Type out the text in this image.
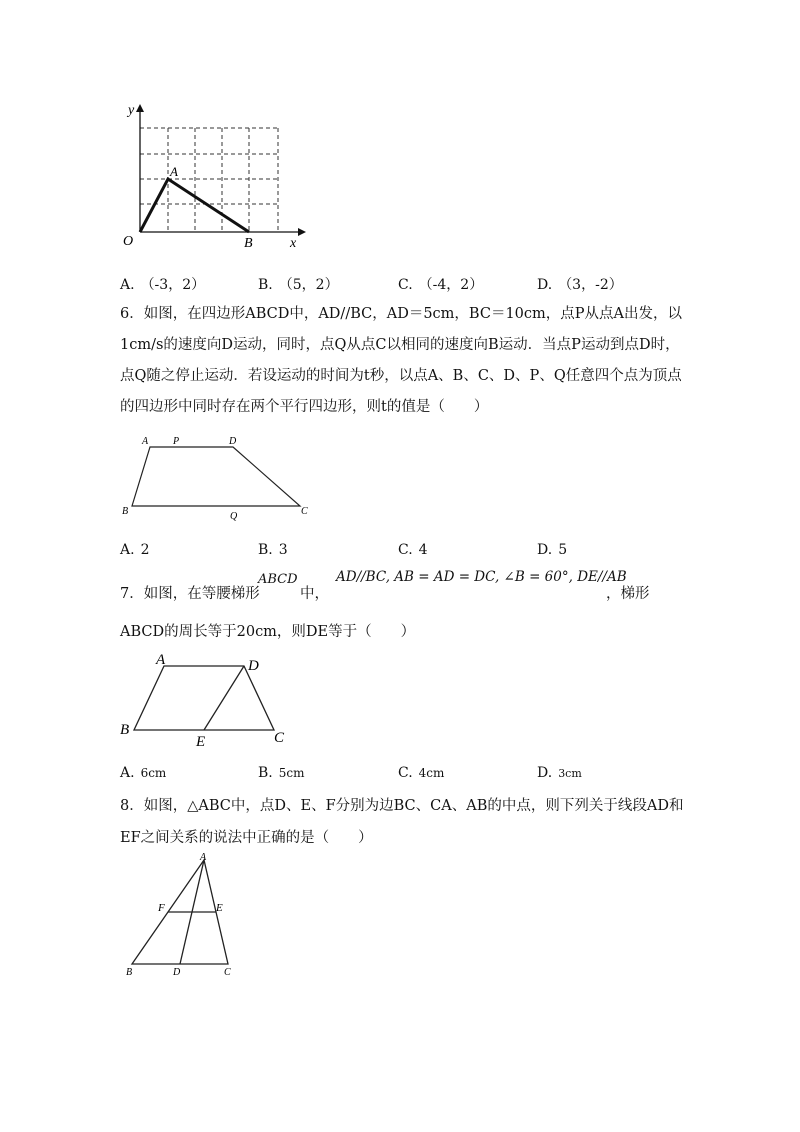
y
x
O
A
B
A. （-3，2）	B. （5，2）	C. （-4，2）	D. （3，-2）
6．如图，在四边形ABCD中，AD//BC，AD＝5cm，BC＝10cm，点P从点A出发，以
1cm/s的速度向D运动，同时，点Q从点C以相同的速度向B运动．当点P运动到点D时，
点Q随之停止运动．若设运动的时间为t秒，以点A、B、C、D、P、Q任意四个点为顶点
的四边形中同时存在两个平行四边形，则t的值是（　　）
A P	D
B	Q	C
A. 2	B. 3	C. 4	D. 5
7．如图，在等腰梯形
ABCD
中，
AD//BC, AB = AD = DC, ∠B = 60°, DE//AB
，梯形
ABCD的周长等于20cm，则DE等于（　　）
A	D
B
E	C
A. 6cm	B. 5cm	C. 4cm	D. 3cm
8．如图，△ABC中，点D、E、F分别为边BC、CA、AB的中点，则下列关于线段AD和
EF之间关系的说法中正确的是（　　）
A
F	E
B	D	C
